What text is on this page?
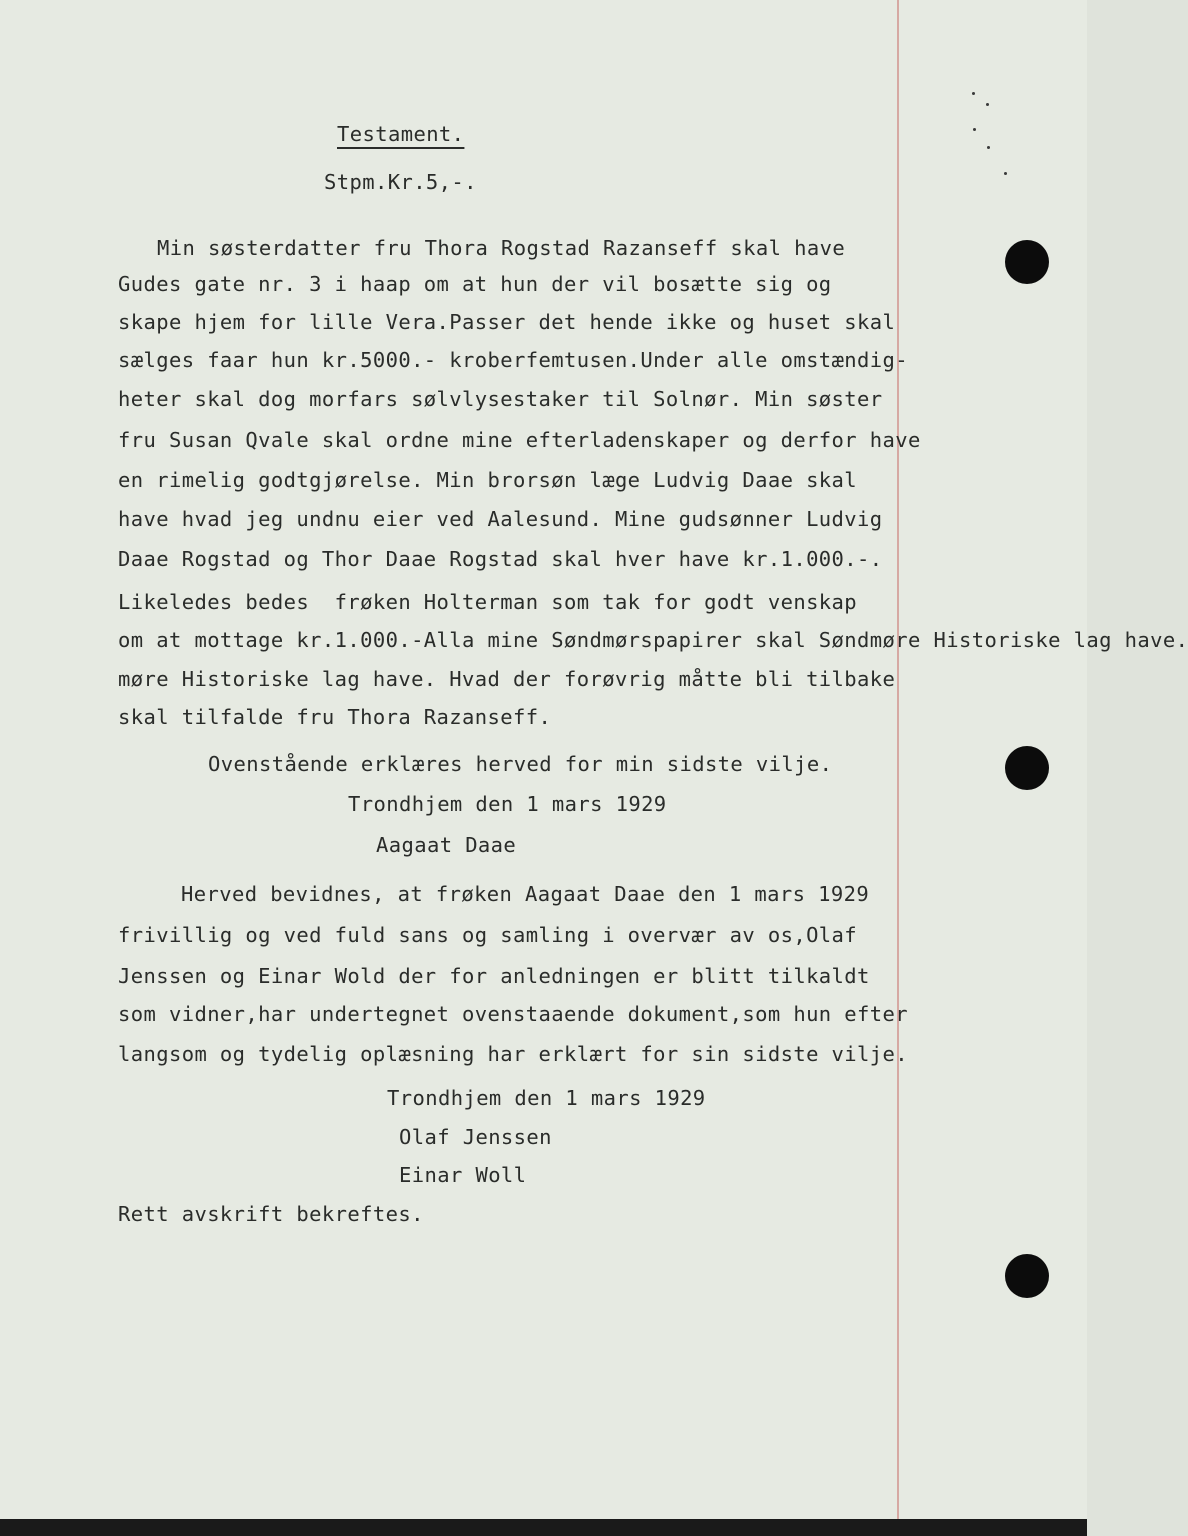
Testament.
Stpm.Kr.5,-.
Min søsterdatter fru Thora Rogstad Razanseff skal have
Gudes gate nr. 3 i haap om at hun der vil bosætte sig og
skape hjem for lille Vera.Passer det hende ikke og huset skal
sælges faar hun kr.5000.- kroberfemtusen.Under alle omstændig-
heter skal dog morfars sølvlysestaker til Solnør. Min søster
fru Susan Qvale skal ordne mine efterladenskaper og derfor have
en rimelig godtgjørelse. Min brorsøn læge Ludvig Daae skal
have hvad jeg undnu eier ved Aalesund. Mine gudsønner Ludvig
Daae Rogstad og Thor Daae Rogstad skal hver have kr.1.000.-.
Likeledes bedes  frøken Holterman som tak for godt venskap
om at mottage kr.1.000.-Alla mine Søndmørspapirer skal Søndmøre Historiske lag have.
møre Historiske lag have. Hvad der forøvrig måtte bli tilbake
skal tilfalde fru Thora Razanseff.
Ovenstående erklæres herved for min sidste vilje.
Trondhjem den 1 mars 1929
Aagaat Daae
Herved bevidnes, at frøken Aagaat Daae den 1 mars 1929
frivillig og ved fuld sans og samling i overvær av os,Olaf
Jenssen og Einar Wold der for anledningen er blitt tilkaldt
som vidner,har undertegnet ovenstaaende dokument,som hun efter
langsom og tydelig oplæsning har erklært for sin sidste vilje.
Trondhjem den 1 mars 1929
Olaf Jenssen
Einar Woll
Rett avskrift bekreftes.
